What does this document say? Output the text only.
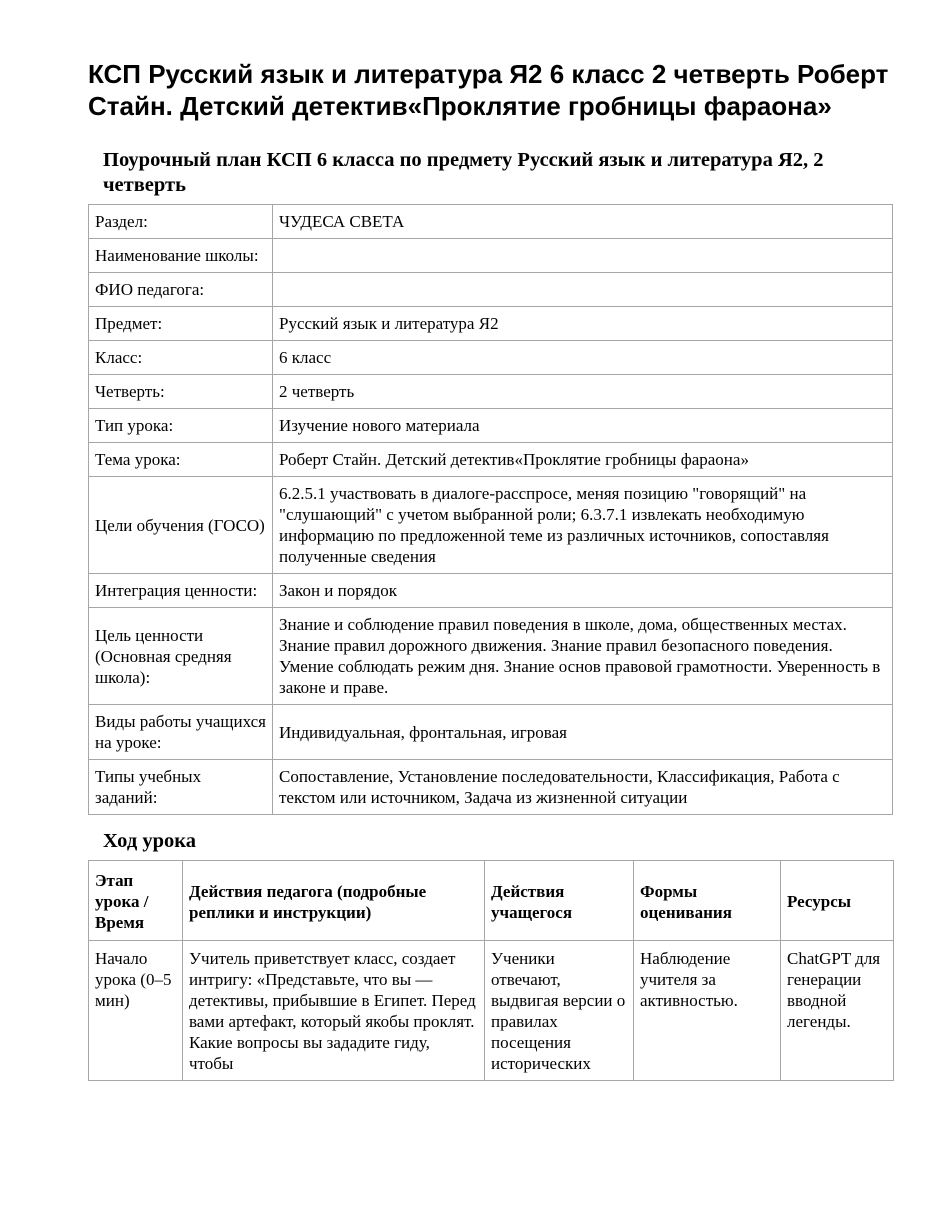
КСП Русский язык и литература Я2 6 класс 2 четверть Роберт Стайн. Детский детектив«Проклятие гробницы фараона»
Поурочный план КСП 6 класса по предмету Русский язык и литература Я2, 2 четверть
Раздел:	ЧУДЕСА СВЕТА
Наименование школы:	
ФИО педагога:	
Предмет:	Русский язык и литература Я2
Класс:	6 класс
Четверть:	2 четверть
Тип урока:	Изучение нового материала
Тема урока:	Роберт Стайн. Детский детектив«Проклятие гробницы фараона»
Цели обучения (ГОСО)	6.2.5.1 участвовать в диалоге-расспросе, меняя позицию "говорящий" на "слушающий" с учетом выбранной роли; 6.3.7.1 извлекать необходимую информацию по предложенной теме из различных источников, сопоставляя полученные сведения
Интеграция ценности:	Закон и порядок
Цель ценности (Основная средняя школа):	Знание и соблюдение правил поведения в школе, дома, общественных местах. Знание правил дорожного движения. Знание правил безопасного поведения. Умение соблюдать режим дня. Знание основ правовой грамотности. Уверенность в законе и праве.
Виды работы учащихся на уроке:	Индивидуальная, фронтальная, игровая
Типы учебных заданий:	Сопоставление, Установление последовательности, Классификация, Работа с текстом или источником, Задача из жизненной ситуации
Ход урока
Этап урока / Время	Действия педагога (подробные реплики и инструкции)	Действия учащегося	Формы оценивания	Ресурсы

Начало урока (0–5 мин)	Учитель приветствует класс, создает интригу: «Представьте, что вы — детективы, прибывшие в Египет. Перед вами артефакт, который якобы проклят. Какие вопросы вы зададите гиду, чтобы	Ученики отвечают, выдвигая версии о правилах посещения исторических	Наблюдение учителя за активностью.	ChatGPT для генерации вводной легенды.
